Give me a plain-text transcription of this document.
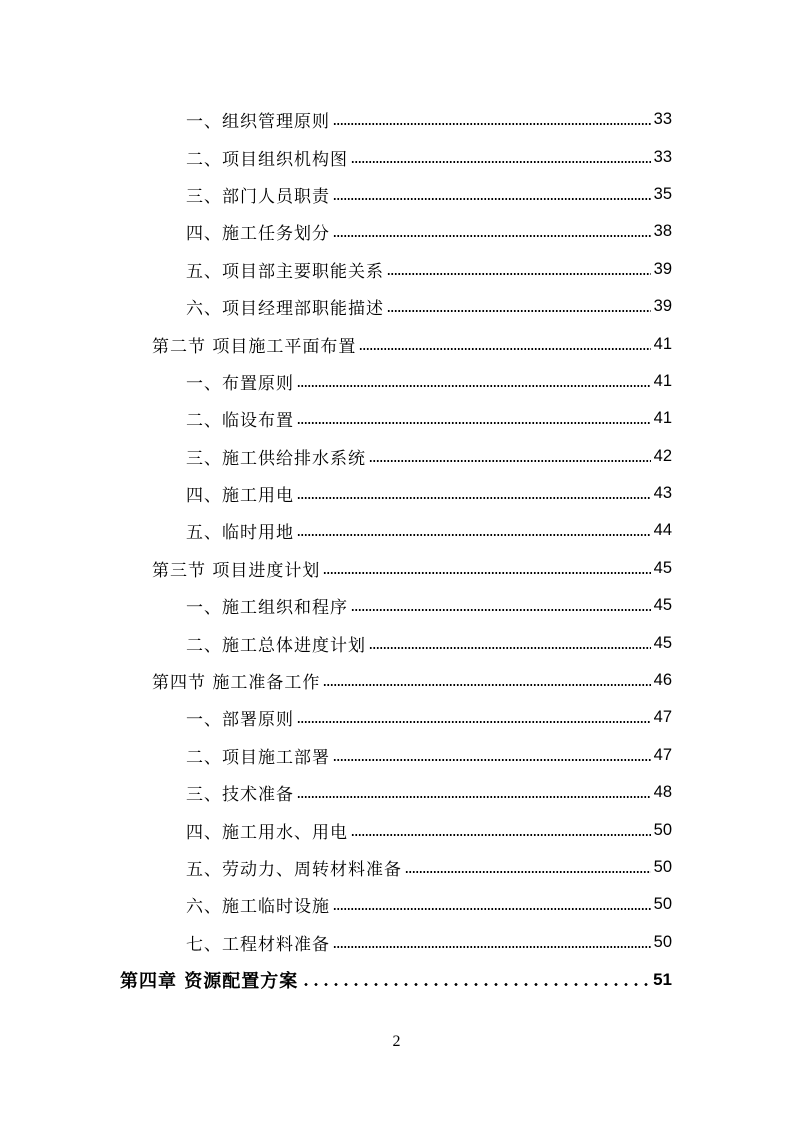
一、组织管理原则	33
二、项目组织机构图	33
三、部门人员职责	35
四、施工任务划分	38
五、项目部主要职能关系	39
六、项目经理部职能描述	39
第二节 项目施工平面布置	41
一、布置原则	41
二、临设布置	41
三、施工供给排水系统	42
四、施工用电	43
五、临时用地	44
第三节 项目进度计划	45
一、施工组织和程序	45
二、施工总体进度计划	45
第四节 施工准备工作	46
一、部署原则	47
二、项目施工部署	47
三、技术准备	48
四、施工用水、用电	50
五、劳动力、周转材料准备	50
六、施工临时设施	50
七、工程材料准备	50
第四章 资源配置方案	51
2
